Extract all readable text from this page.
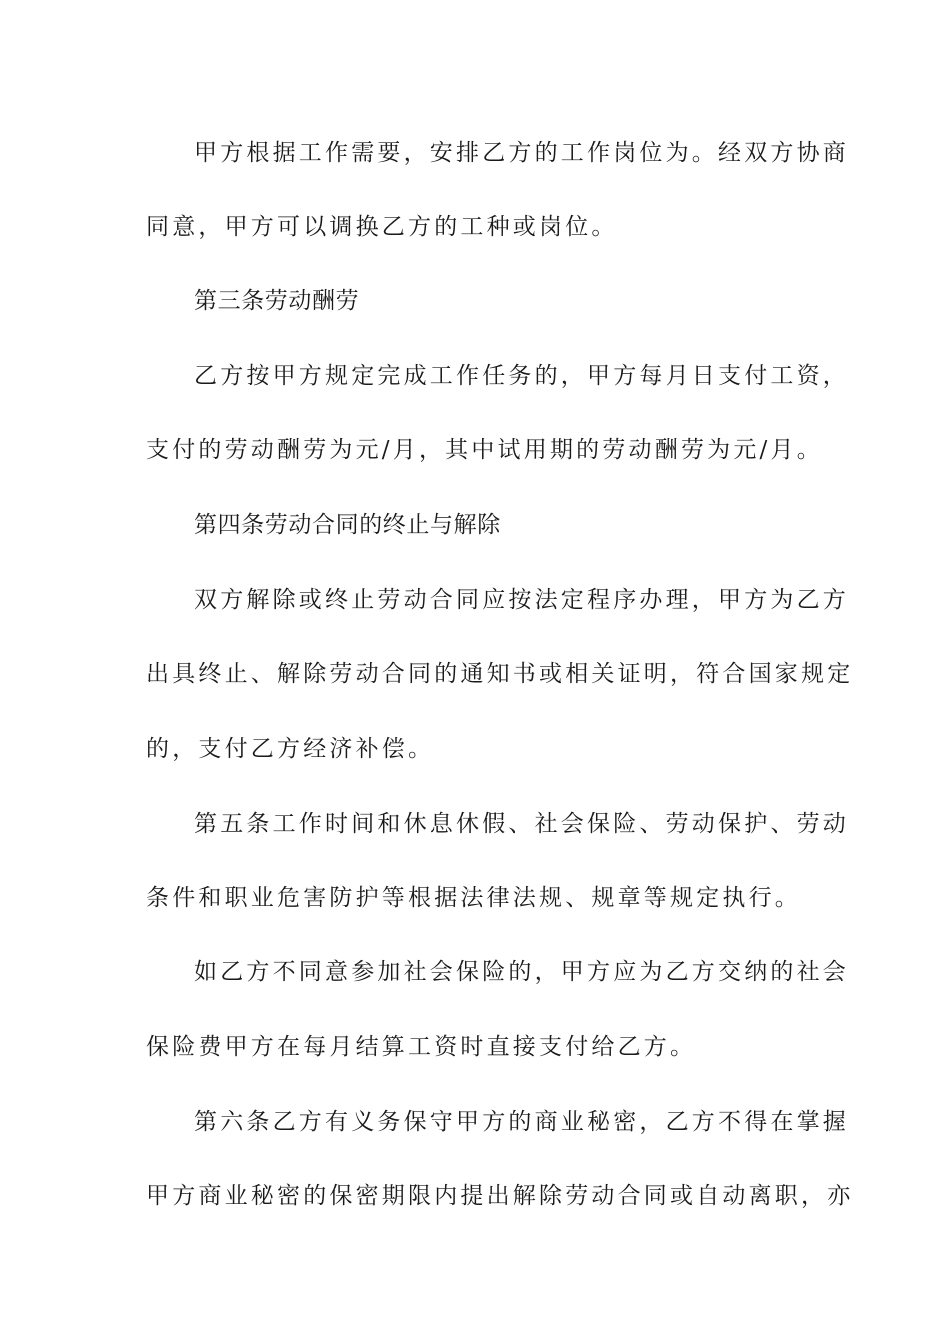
甲方根据工作需要，安排乙方的工作岗位为。经双方协商
同意，甲方可以调换乙方的工种或岗位。
第三条劳动酬劳
乙方按甲方规定完成工作任务的，甲方每月日支付工资，
支付的劳动酬劳为元/月，其中试用期的劳动酬劳为元/月。
第四条劳动合同的终止与解除
双方解除或终止劳动合同应按法定程序办理，甲方为乙方
出具终止、解除劳动合同的通知书或相关证明，符合国家规定
的，支付乙方经济补偿。
第五条工作时间和休息休假、社会保险、劳动保护、劳动
条件和职业危害防护等根据法律法规、规章等规定执行。
如乙方不同意参加社会保险的，甲方应为乙方交纳的社会
保险费甲方在每月结算工资时直接支付给乙方。
第六条乙方有义务保守甲方的商业秘密，乙方不得在掌握
甲方商业秘密的保密期限内提出解除劳动合同或自动离职，亦
